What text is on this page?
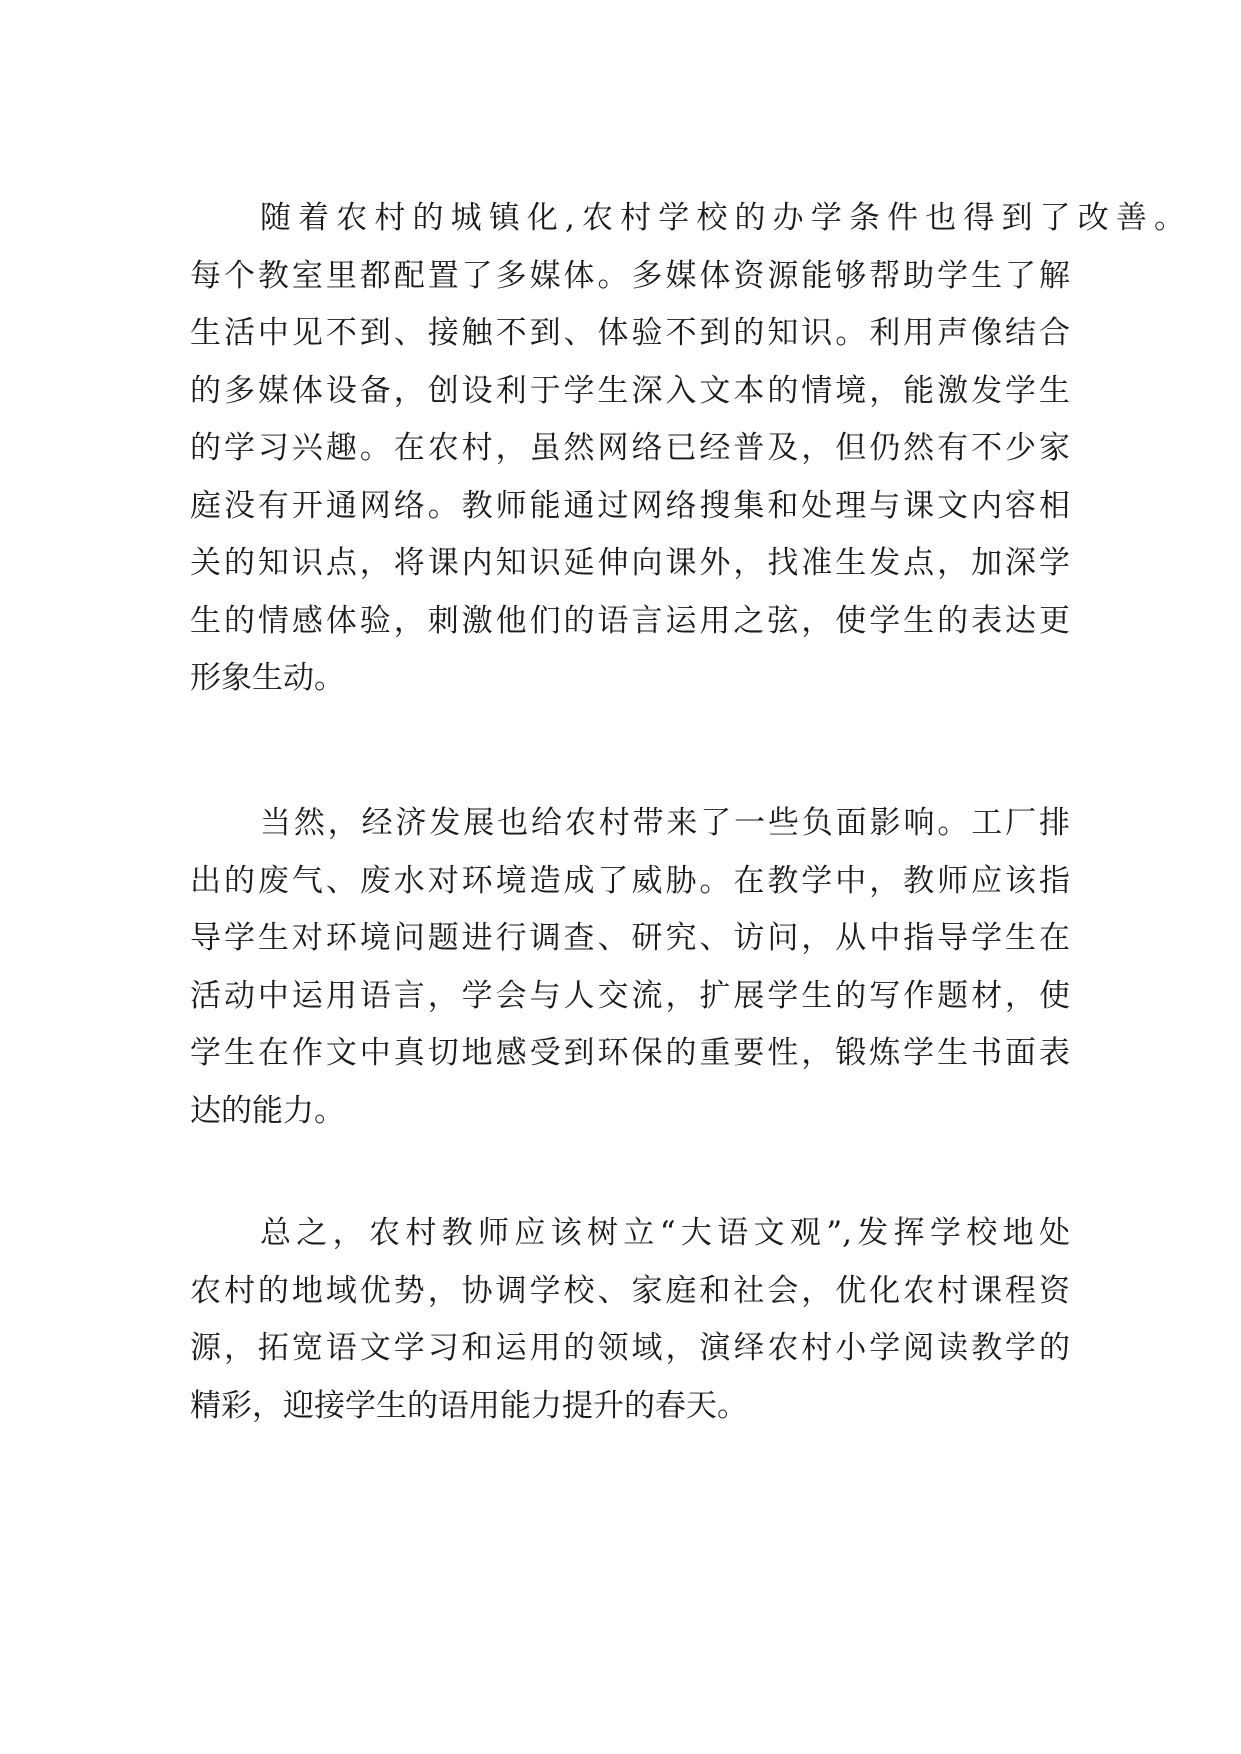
随着农村的城镇化,农村学校的办学条件也得到了改善。
每个教室里都配置了多媒体。多媒体资源能够帮助学生了解
生活中见不到、接触不到、体验不到的知识。利用声像结合
的多媒体设备，创设利于学生深入文本的情境，能激发学生
的学习兴趣。在农村，虽然网络已经普及，但仍然有不少家
庭没有开通网络。教师能通过网络搜集和处理与课文内容相
关的知识点，将课内知识延伸向课外，找准生发点，加深学
生的情感体验，刺激他们的语言运用之弦，使学生的表达更
形象生动。
当然，经济发展也给农村带来了一些负面影响。工厂排
出的废气、废水对环境造成了威胁。在教学中，教师应该指
导学生对环境问题进行调查、研究、访问，从中指导学生在
活动中运用语言，学会与人交流，扩展学生的写作题材，使
学生在作文中真切地感受到环保的重要性，锻炼学生书面表
达的能力。
总之，农村教师应该树立“大语文观”,发挥学校地处
农村的地域优势，协调学校、家庭和社会，优化农村课程资
源，拓宽语文学习和运用的领域，演绎农村小学阅读教学的
精彩，迎接学生的语用能力提升的春天。
